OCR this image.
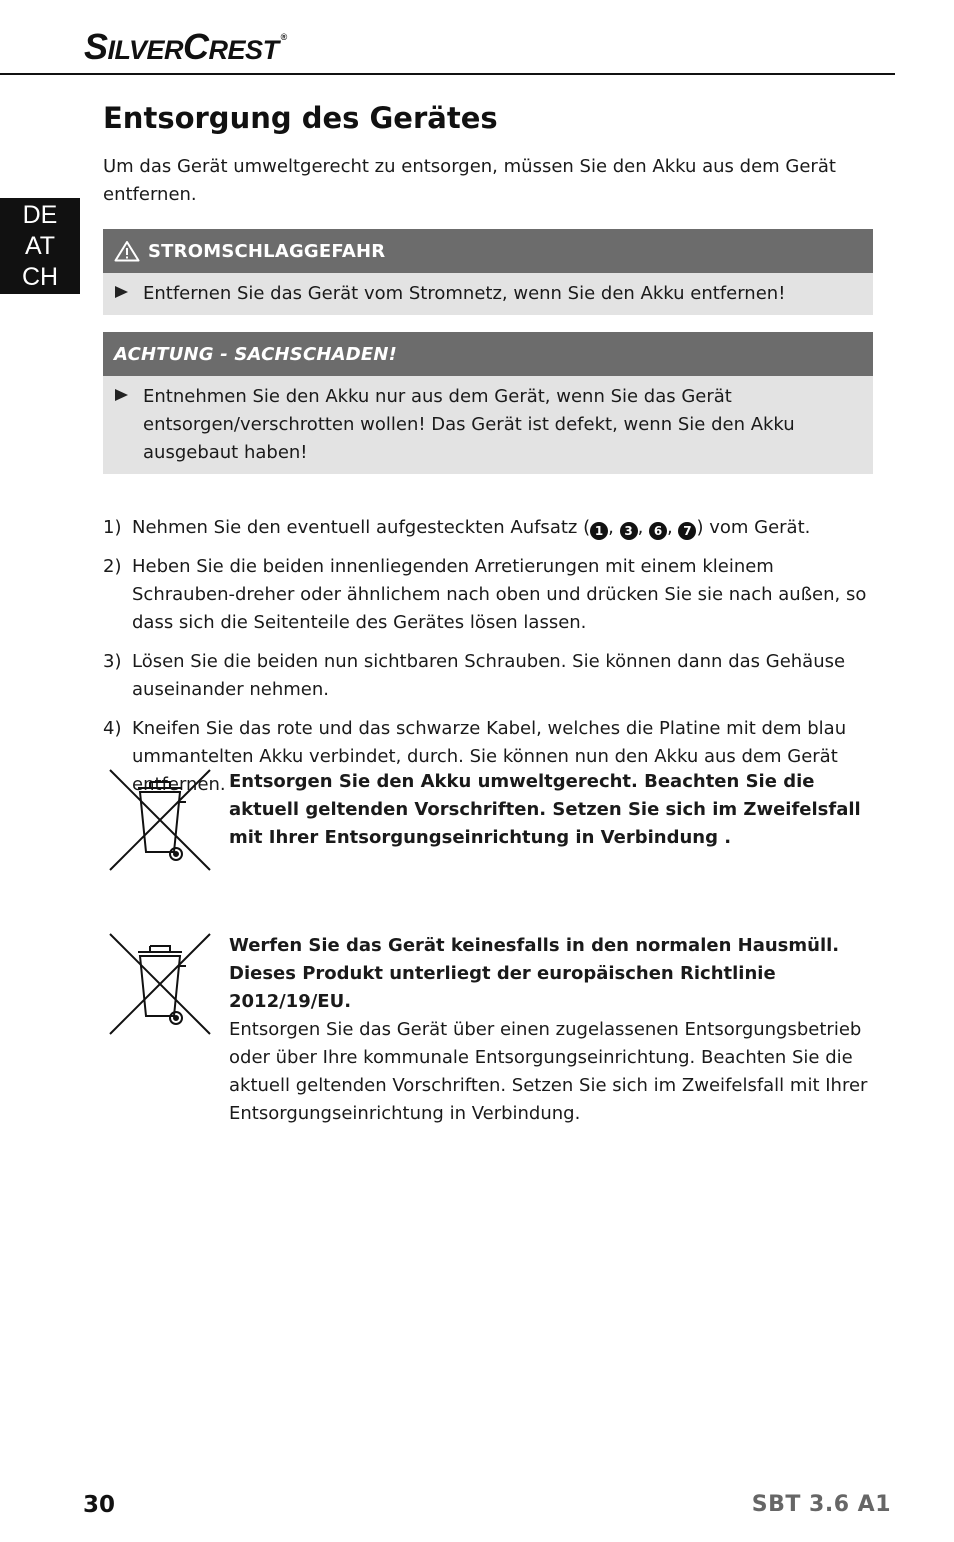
SILVERCREST ®
DE
AT
CH
Entsorgung des Gerätes

Um das Gerät umweltgerecht zu entsorgen, müssen Sie den Akku aus dem Gerät entfernen.

STROMSCHLAGGEFAHR
Entfernen Sie das Gerät vom Stromnetz, wenn Sie den Akku entfernen!
ACHTUNG - SACHSCHADEN!
Entnehmen Sie den Akku nur aus dem Gerät, wenn Sie das Gerät entsorgen/verschrotten wollen! Das Gerät ist defekt, wenn Sie den Akku ausgebaut haben!
1) Nehmen Sie den eventuell aufgesteckten Aufsatz ( 1 , 3 , 6 , 7 ) vom Gerät.
2) Heben Sie die beiden innenliegenden Arretierungen mit einem kleinem Schrauben-dreher oder ähnlichem nach oben und drücken Sie sie nach außen, so dass sich die Seitenteile des Gerätes lösen lassen.
3) Lösen Sie die beiden nun sichtbaren Schrauben. Sie können dann das Gehäuse auseinander nehmen.
4) Kneifen Sie das rote und das schwarze Kabel, welches die Platine mit dem blau ummantelten Akku verbindet, durch. Sie können nun den Akku aus dem Gerät entfernen. Entsorgen Sie den Akku umweltgerecht. Beachten Sie die aktuell geltenden Vorschriften. Setzen Sie sich im Zweifelsfall mit Ihrer Entsorgungseinrichtung in Verbindung .
Werfen Sie das Gerät keinesfalls in den normalen Hausmüll. Dieses Produkt unterliegt der europäischen Richtlinie 2012/19/EU.
Entsorgen Sie das Gerät über einen zugelassenen Entsorgungsbetrieb oder über Ihre kommunale Entsorgungseinrichtung. Beachten Sie die aktuell geltenden Vorschriften. Setzen Sie sich im Zweifelsfall mit Ihrer Entsorgungseinrichtung in Verbindung.
30	SBT 3.6 A1
